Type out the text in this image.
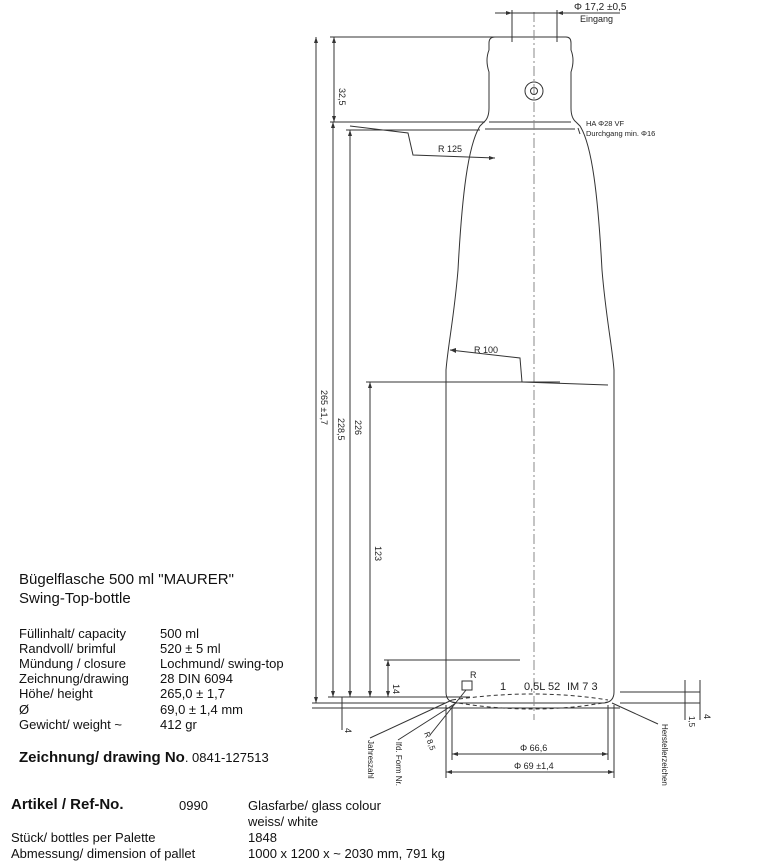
Φ 17,2 ±0,5
Eingang
HA Φ28 VF
Durchgang min. Φ16
32,5
265 ±1,7
228,5 226
123
14
4
1,5 4
R 125
R 100
R
R 8,5
1 0,5L 52 IM 7 3
Jahreszahl lfd. Form Nr.	Herstellerzeichen
Φ 66,6
Φ 69 ±1,4
Bügelflasche 500 ml "MAURER"
Swing-Top-bottle
Füllinhalt/ capacity	500 ml
Randvoll/ brimful	520 ± 5 ml
Mündung / closure	Lochmund/ swing-top
Zeichnung/drawing 28 DIN 6094
Höhe/ height	265,0 ± 1,7
Ø	69,0 ± 1,4 mm
Gewicht/ weight ~	412 gr
Zeichnung/ drawing No. 0841-127513
Artikel / Ref-No.	0990	Glasfarbe/ glass colour
weiss/ white
Stück/ bottles per Palette	1848
Abmessung/ dimension of pallet	1000 x 1200 x ~ 2030 mm, 791 kg
